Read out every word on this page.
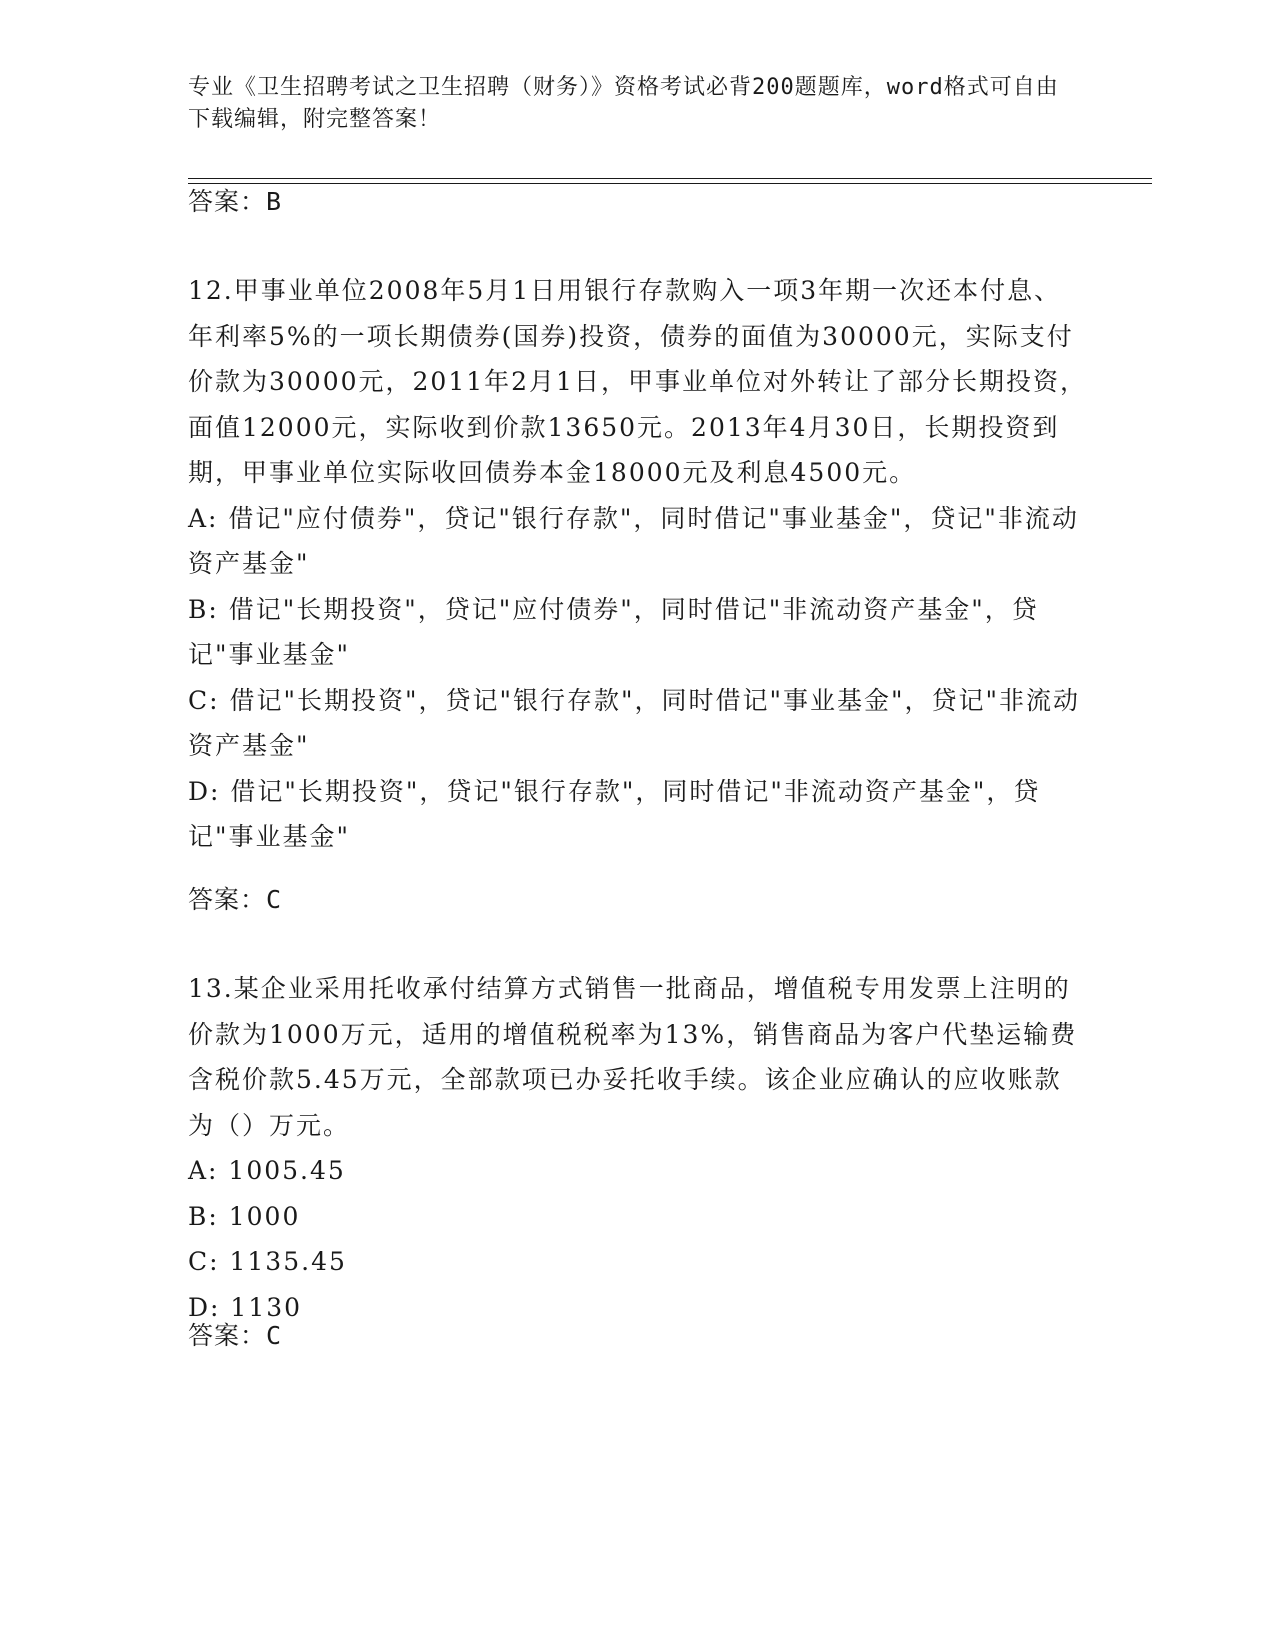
专业《卫生招聘考试之卫生招聘（财务）》资格考试必背200题题库，word格式可自由下载编辑，附完整答案！
答案：B

12.甲事业单位2008年5月1日用银行存款购入一项3年期一次还本付息、年利率5%的一项长期债券(国券)投资，债券的面值为30000元，实际支付价款为30000元，2011年2月1日，甲事业单位对外转让了部分长期投资，面值12000元，实际收到价款13650元。2013年4月30日，长期投资到期，甲事业单位实际收回债券本金18000元及利息4500元。

A: 借记"应付债券"，贷记"银行存款"，同时借记"事业基金"，贷记"非流动资产基金"
B: 借记"长期投资"，贷记"应付债券"，同时借记"非流动资产基金"，贷记"事业基金"
C: 借记"长期投资"，贷记"银行存款"，同时借记"事业基金"，贷记"非流动资产基金"
D: 借记"长期投资"，贷记"银行存款"，同时借记"非流动资产基金"，贷记"事业基金"
答案：C

13.某企业采用托收承付结算方式销售一批商品，增值税专用发票上注明的价款为1000万元，适用的增值税税率为13%，销售商品为客户代垫运输费含税价款5.45万元，全部款项已办妥托收手续。该企业应确认的应收账款为（）万元。

A: 1005.45
B: 1000
C: 1135.45
D: 1130
答案：C
